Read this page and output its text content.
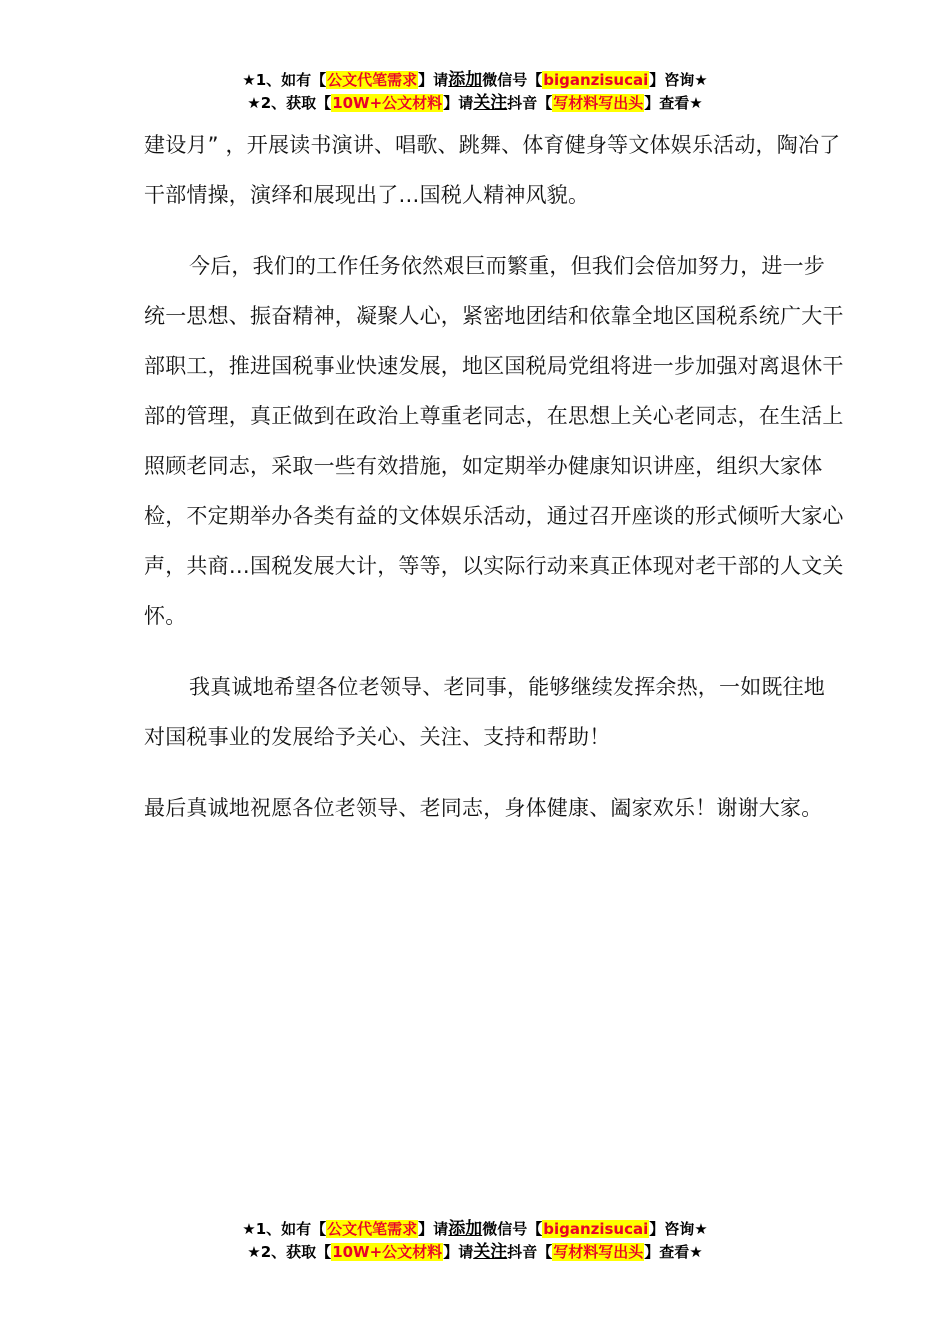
★1、如有【公文代笔需求】请添加微信号【biganzisucai】咨询★
★2、获取【10W+公文材料】请关注抖音【写材料写出头】查看★

建设月” ，开展读书演讲、唱歌、跳舞、体育健身等文体娱乐活动，陶冶了干部情操，演绎和展现出了…国税人精神风貌。

今后，我们的工作任务依然艰巨而繁重，但我们会倍加努力，进一步统一思想、振奋精神，凝聚人心，紧密地团结和依靠全地区国税系统广大干部职工，推进国税事业快速发展，地区国税局党组将进一步加强对离退休干部的管理，真正做到在政治上尊重老同志，在思想上关心老同志，在生活上照顾老同志，采取一些有效措施，如定期举办健康知识讲座，组织大家体检，不定期举办各类有益的文体娱乐活动，通过召开座谈的形式倾听大家心声，共商…国税发展大计，等等，以实际行动来真正体现对老干部的人文关怀。

我真诚地希望各位老领导、老同事，能够继续发挥余热，一如既往地对国税事业的发展给予关心、关注、支持和帮助！

最后真诚地祝愿各位老领导、老同志，身体健康、阖家欢乐！谢谢大家。

★1、如有【公文代笔需求】请添加微信号【biganzisucai】咨询★
★2、获取【10W+公文材料】请关注抖音【写材料写出头】查看★
